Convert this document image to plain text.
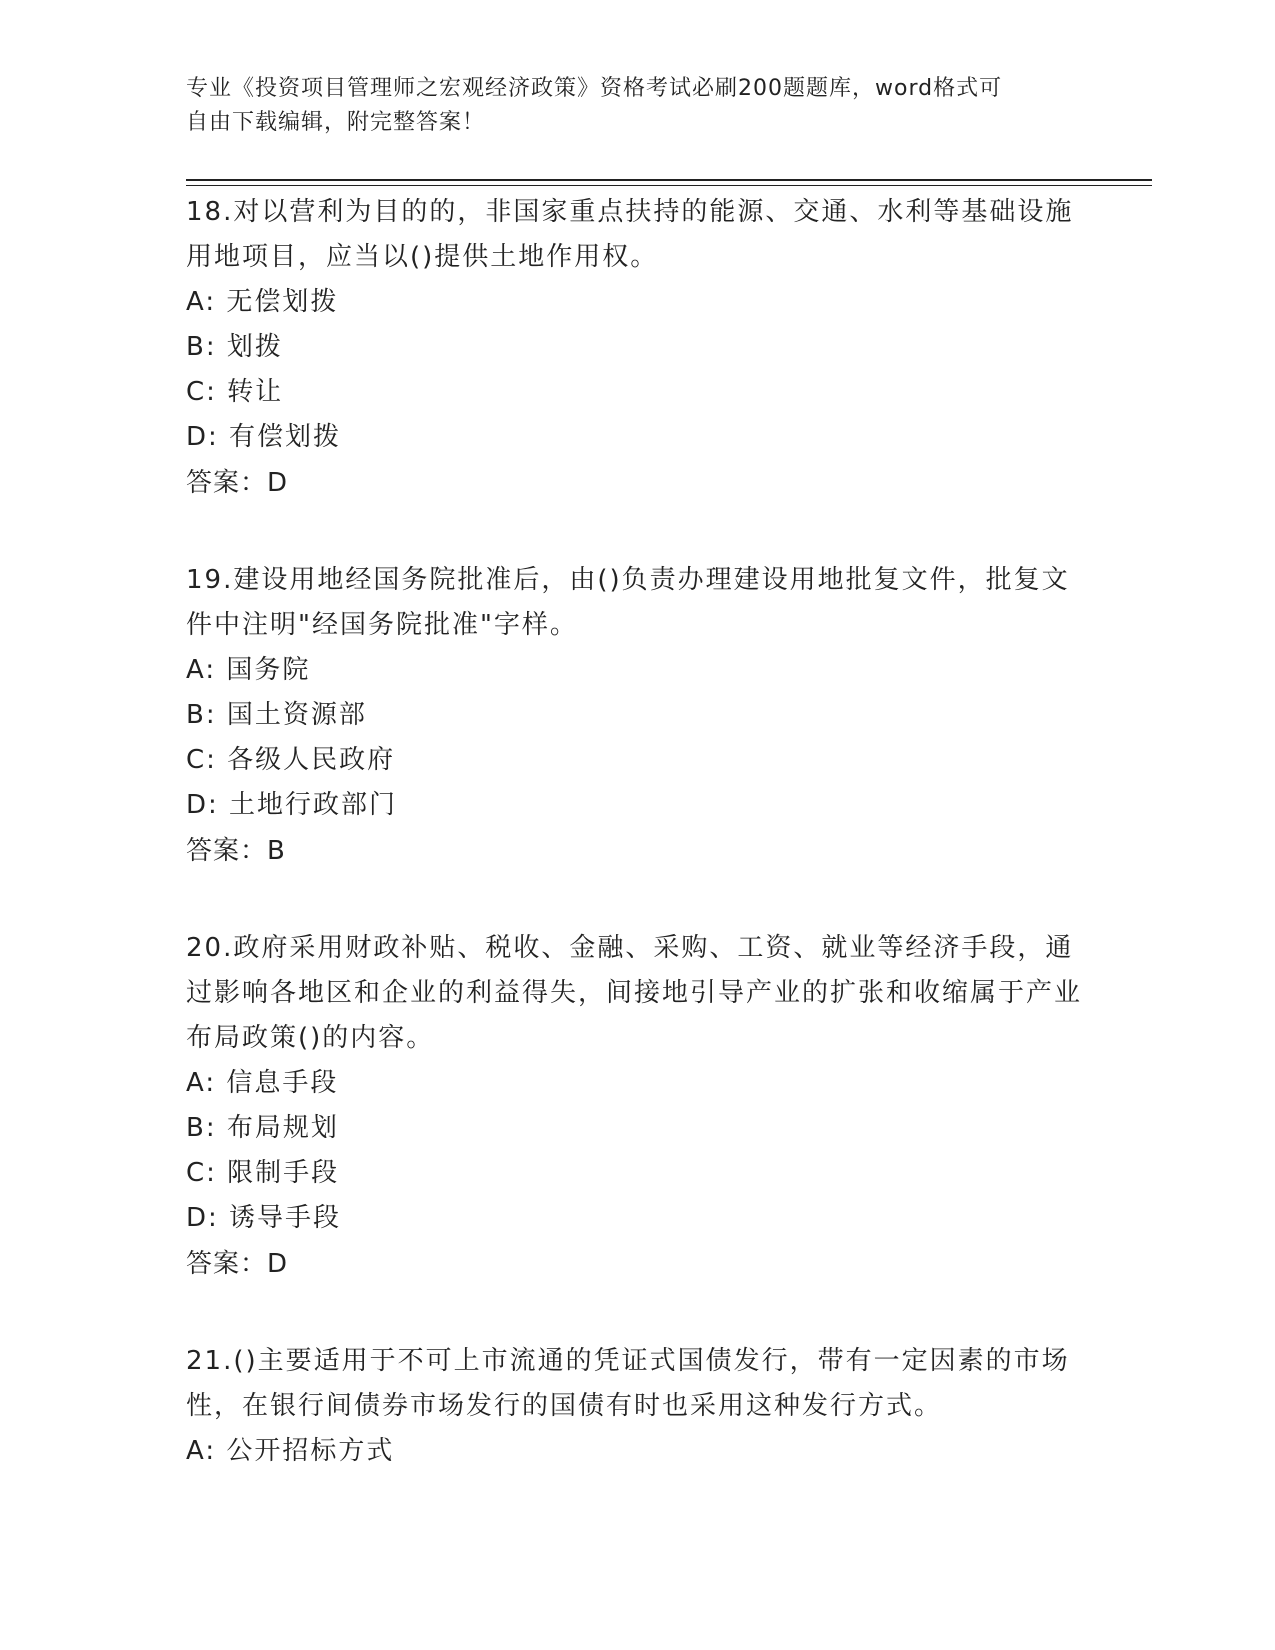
专业《投资项目管理师之宏观经济政策》资格考试必刷200题题库，word格式可
自由下载编辑，附完整答案！
18.对以营利为目的的，非国家重点扶持的能源、交通、水利等基础设施用地项目，应当以()提供土地作用权。
A: 无偿划拨
B: 划拨
C: 转让
D: 有偿划拨
答案：D
19.建设用地经国务院批准后，由()负责办理建设用地批复文件，批复文件中注明"经国务院批准"字样。
A: 国务院
B: 国土资源部
C: 各级人民政府
D: 土地行政部门
答案：B
20.政府采用财政补贴、税收、金融、采购、工资、就业等经济手段，通过影响各地区和企业的利益得失，间接地引导产业的扩张和收缩属于产业布局政策()的内容。
A: 信息手段
B: 布局规划
C: 限制手段
D: 诱导手段
答案：D
21.()主要适用于不可上市流通的凭证式国债发行，带有一定因素的市场性，在银行间债券市场发行的国债有时也采用这种发行方式。
A: 公开招标方式
